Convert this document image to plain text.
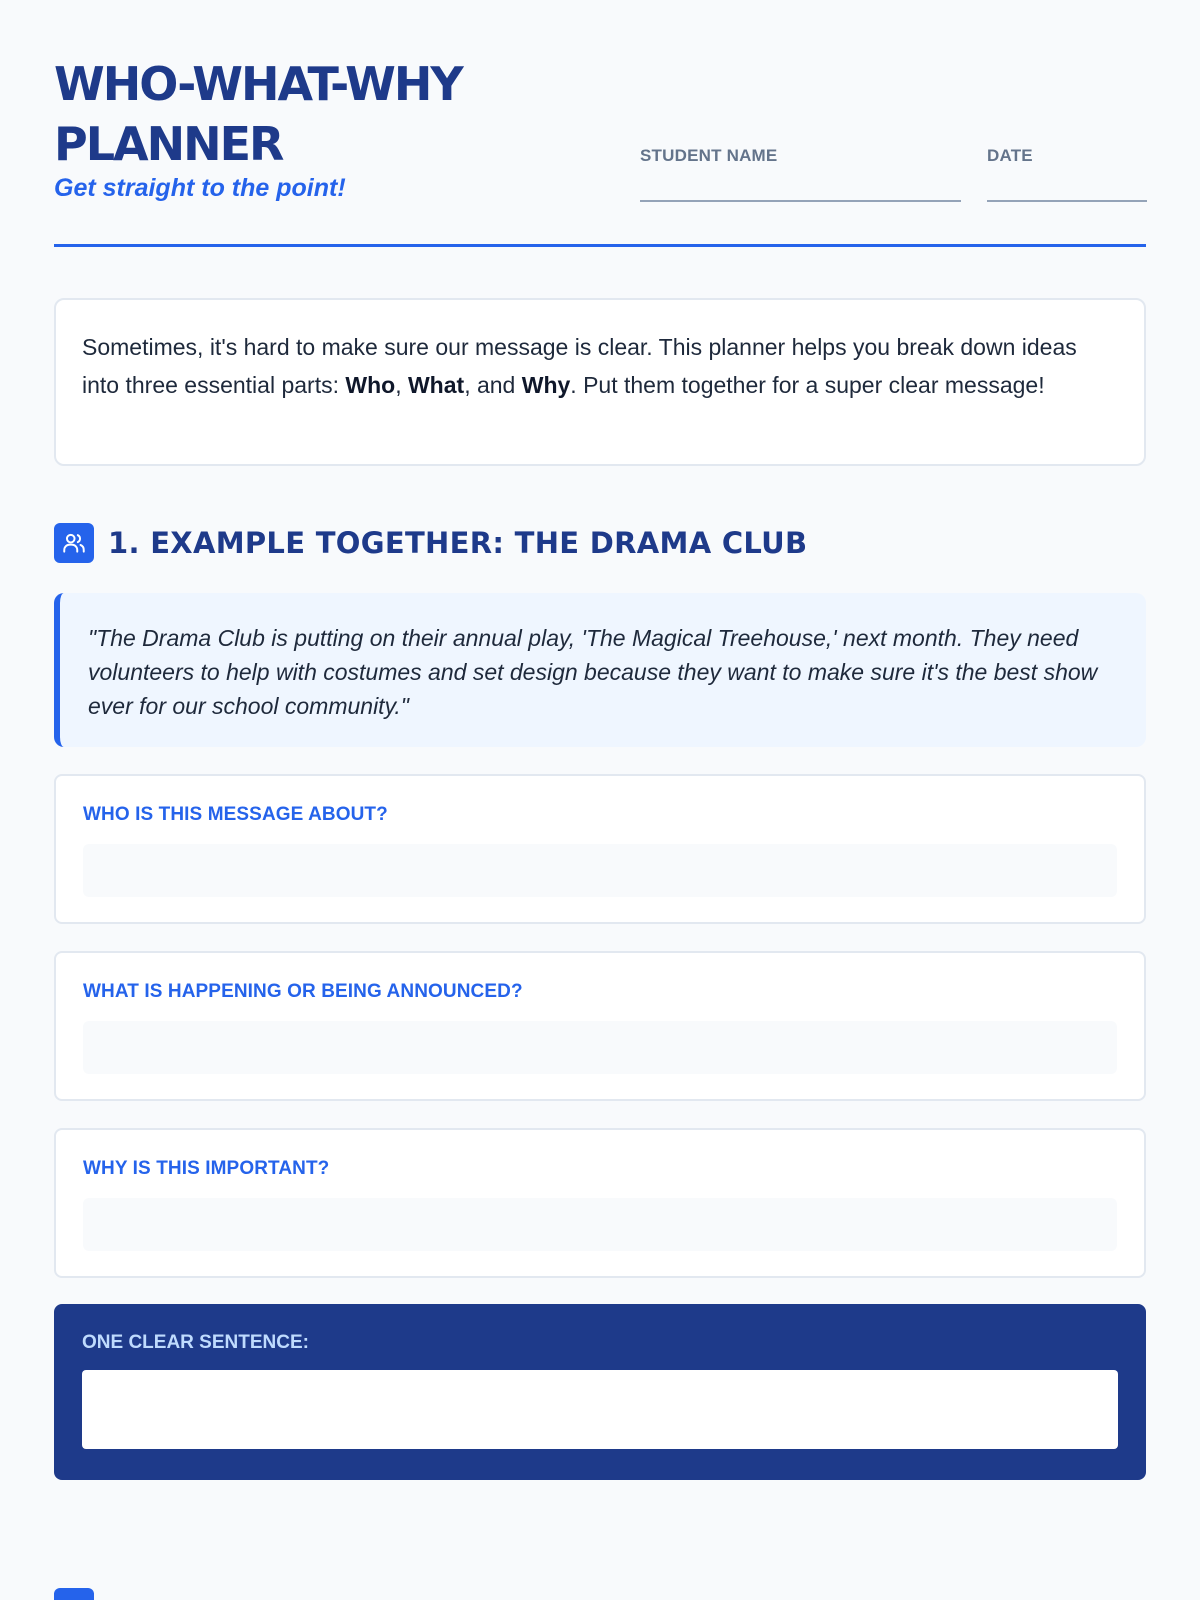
WHO-WHAT-WHY PLANNER
Get straight to the point!
STUDENT NAME	DATE
Sometimes, it's hard to make sure our message is clear. This planner helps you break down ideas into three essential parts: Who, What, and Why. Put them together for a super clear message!
1. EXAMPLE TOGETHER: THE DRAMA CLUB
"The Drama Club is putting on their annual play, 'The Magical Treehouse,' next month. They need volunteers to help with costumes and set design because they want to make sure it's the best show ever for our school community."
WHO IS THIS MESSAGE ABOUT?
WHAT IS HAPPENING OR BEING ANNOUNCED?
WHY IS THIS IMPORTANT?
ONE CLEAR SENTENCE:
